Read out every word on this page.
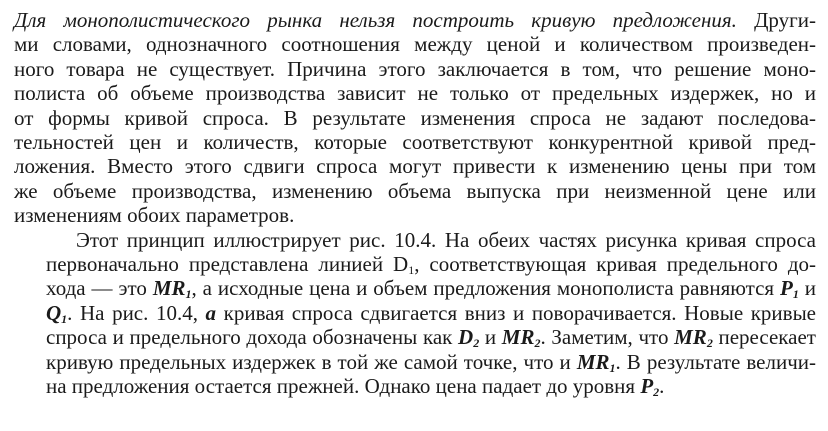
Для монополистического рынка нельзя построить кривую предложения. Други-
ми словами, однозначного соотношения между ценой и количеством произведен-
ного товара не существует. Причина этого заключается в том, что решение моно-
полиста об объеме производства зависит не только от предельных издержек, но и
от формы кривой спроса. В результате изменения спроса не задают последова-
тельностей цен и количеств, которые соответствуют конкурентной кривой пред-
ложения. Вместо этого сдвиги спроса могут привести к изменению цены при том
же объеме производства, изменению объема выпуска при неизменной цене или
изменениям обоих параметров.
Этот принцип иллюстрирует рис. 10.4. На обеих частях рисунка кривая спроса
первоначально представлена линией $D_1$, соответствующая кривая предельного до-
хода — это $MR_1$, а исходные цена и объем предложения монополиста равняются $P_1$ и
$Q_1$. На рис. 10.4, а кривая спроса сдвигается вниз и поворачивается. Новые кривые
спроса и предельного дохода обозначены как $D_2$ и $MR_2$. Заметим, что $MR_2$ пересекает
кривую предельных издержек в той же самой точке, что и $MR_1$. В результате величи-
на предложения остается прежней. Однако цена падает до уровня $P_2$.
